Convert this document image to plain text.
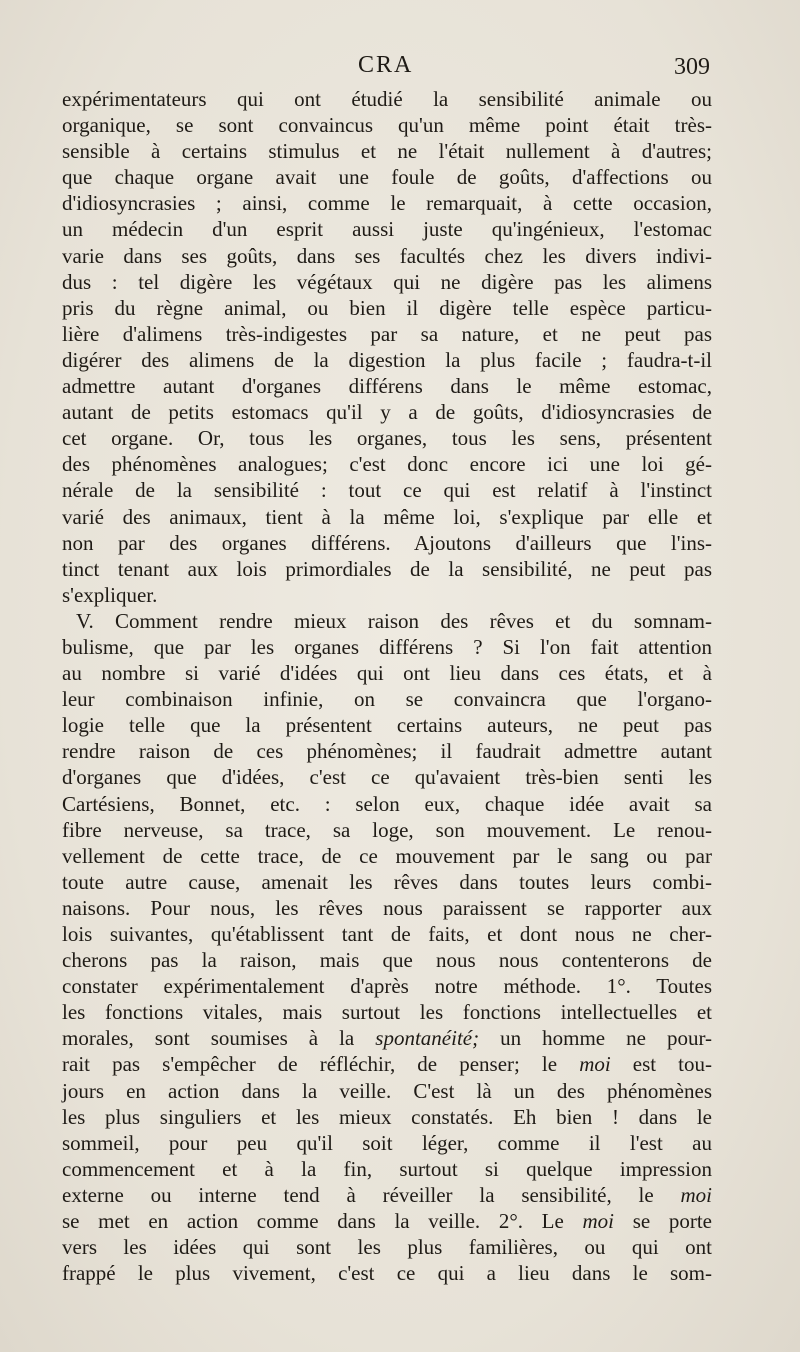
CRA	309
expérimentateurs qui ont étudié la sensibilité animale ou
organique, se sont convaincus qu'un même point était très-
sensible à certains stimulus et ne l'était nullement à d'autres;
que chaque organe avait une foule de goûts, d'affections ou
d'idiosyncrasies ; ainsi, comme le remarquait, à cette occasion,
un médecin d'un esprit aussi juste qu'ingénieux, l'estomac
varie dans ses goûts, dans ses facultés chez les divers indivi-
dus : tel digère les végétaux qui ne digère pas les alimens
pris du règne animal, ou bien il digère telle espèce particu-
lière d'alimens très-indigestes par sa nature, et ne peut pas
digérer des alimens de la digestion la plus facile ; faudra-t-il
admettre autant d'organes différens dans le même estomac,
autant de petits estomacs qu'il y a de goûts, d'idiosyncrasies de
cet organe. Or, tous les organes, tous les sens, présentent
des phénomènes analogues; c'est donc encore ici une loi gé-
nérale de la sensibilité : tout ce qui est relatif à l'instinct
varié des animaux, tient à la même loi, s'explique par elle et
non par des organes différens. Ajoutons d'ailleurs que l'ins-
tinct tenant aux lois primordiales de la sensibilité, ne peut pas
s'expliquer.
V. Comment rendre mieux raison des rêves et du somnam-
bulisme, que par les organes différens ? Si l'on fait attention
au nombre si varié d'idées qui ont lieu dans ces états, et à
leur combinaison infinie, on se convaincra que l'organo-
logie telle que la présentent certains auteurs, ne peut pas
rendre raison de ces phénomènes; il faudrait admettre autant
d'organes que d'idées, c'est ce qu'avaient très-bien senti les
Cartésiens, Bonnet, etc. : selon eux, chaque idée avait sa
fibre nerveuse, sa trace, sa loge, son mouvement. Le renou-
vellement de cette trace, de ce mouvement par le sang ou par
toute autre cause, amenait les rêves dans toutes leurs combi-
naisons. Pour nous, les rêves nous paraissent se rapporter aux
lois suivantes, qu'établissent tant de faits, et dont nous ne cher-
cherons pas la raison, mais que nous nous contenterons de
constater expérimentalement d'après notre méthode. 1°. Toutes
les fonctions vitales, mais surtout les fonctions intellectuelles et
morales, sont soumises à la spontanéité; un homme ne pour-
rait pas s'empêcher de réfléchir, de penser; le moi est tou-
jours en action dans la veille. C'est là un des phénomènes
les plus singuliers et les mieux constatés. Eh bien ! dans le
sommeil, pour peu qu'il soit léger, comme il l'est au
commencement et à la fin, surtout si quelque impression
externe ou interne tend à réveiller la sensibilité, le moi
se met en action comme dans la veille. 2°. Le moi se porte
vers les idées qui sont les plus familières, ou qui ont
frappé le plus vivement, c'est ce qui a lieu dans le som-
